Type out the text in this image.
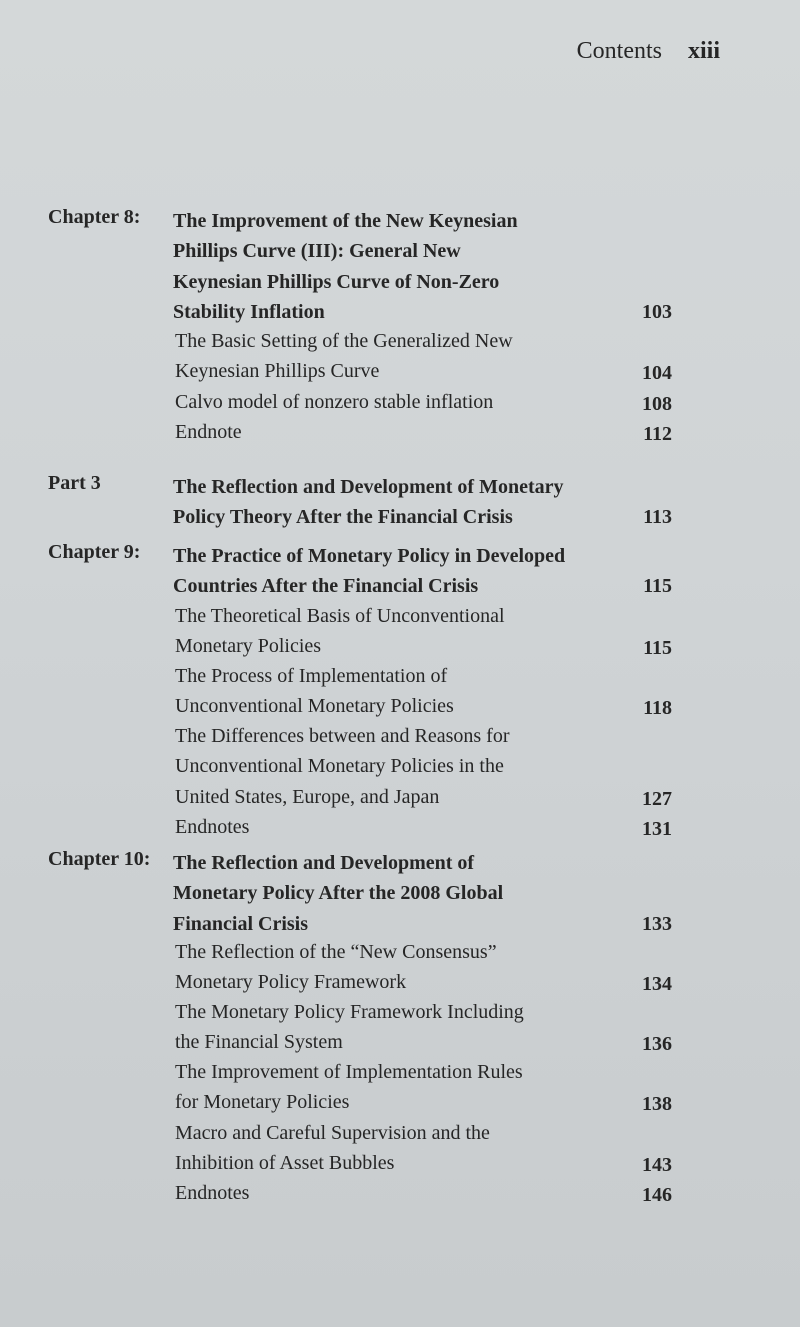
Contents xiii
Chapter 8: The Improvement of the New Keynesian
Phillips Curve (III): General New
Keynesian Phillips Curve of Non-Zero
Stability Inflation	103
The Basic Setting of the Generalized New
Keynesian Phillips Curve	104
Calvo model of nonzero stable inflation	108
Endnote	112
Part 3	The Reflection and Development of Monetary
Policy Theory After the Financial Crisis	113
Chapter 9: The Practice of Monetary Policy in Developed
Countries After the Financial Crisis	115
The Theoretical Basis of Unconventional
Monetary Policies	115
The Process of Implementation of
Unconventional Monetary Policies	118
The Differences between and Reasons for
Unconventional Monetary Policies in the
United States, Europe, and Japan	127
Endnotes	131
Chapter 10: The Reflection and Development of
Monetary Policy After the 2008 Global
Financial Crisis	133
The Reflection of the “New Consensus”
Monetary Policy Framework	134
The Monetary Policy Framework Including
the Financial System	136
The Improvement of Implementation Rules
for Monetary Policies	138
Macro and Careful Supervision and the
Inhibition of Asset Bubbles	143
Endnotes	146
